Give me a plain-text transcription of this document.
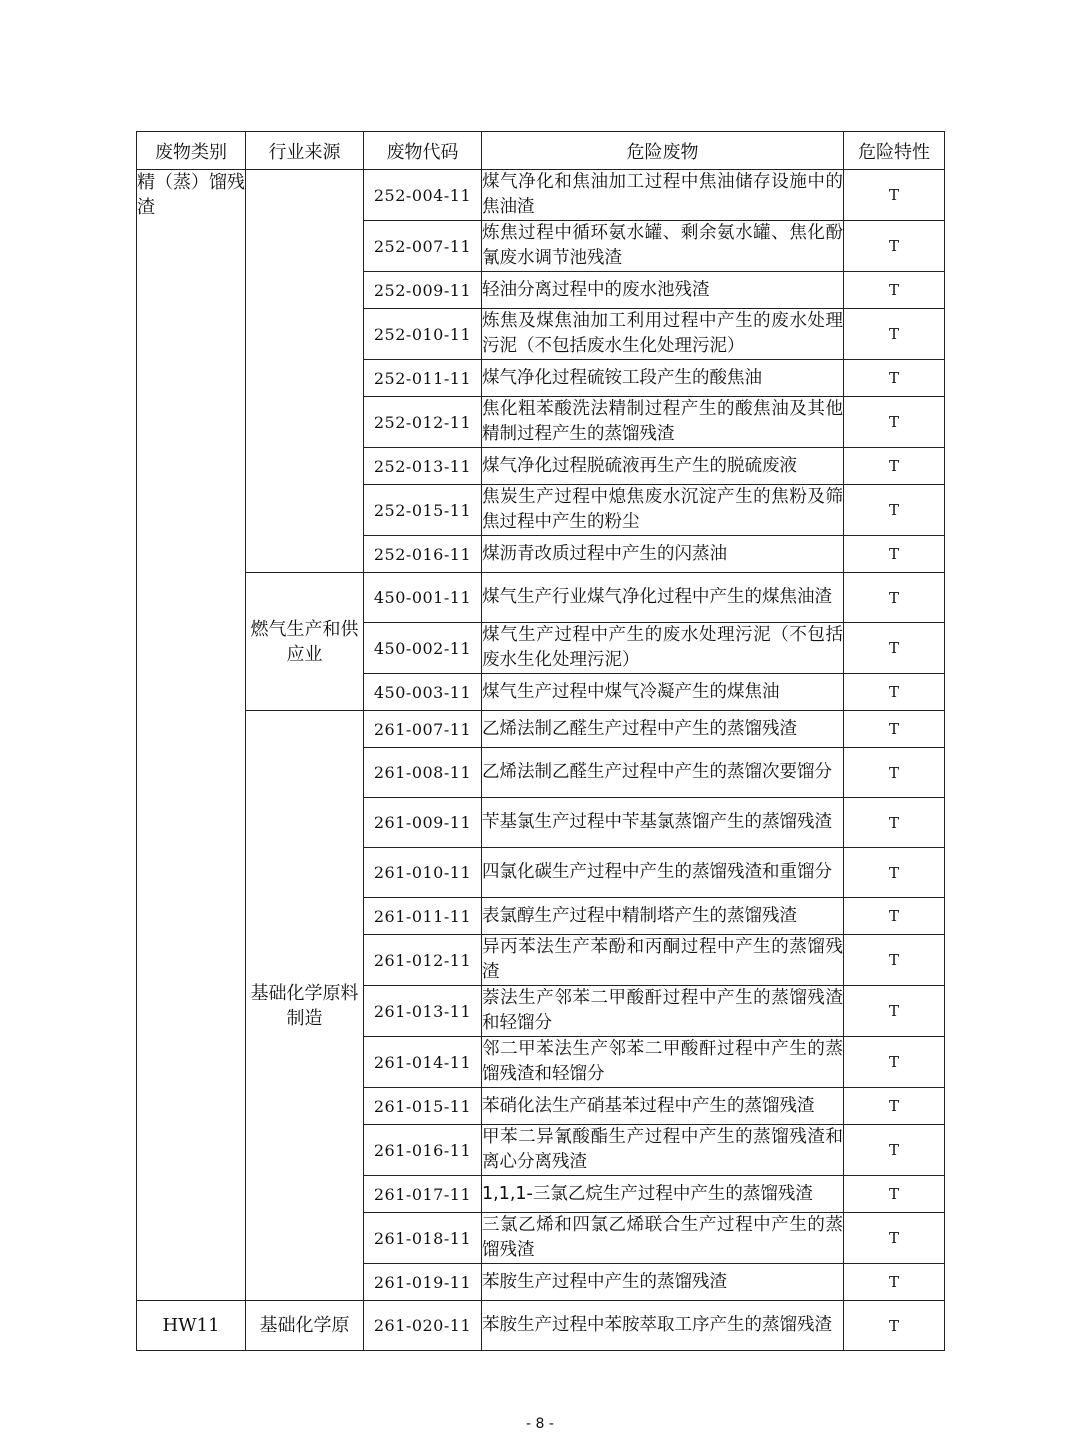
废物类别	行业来源	废物代码	危险废物	危险特性
精（蒸）馏残渣		252-004-11	煤气净化和焦油加工过程中焦油储存设施中的焦油渣	T
		252-007-11	炼焦过程中循环氨水罐、剩余氨水罐、焦化酚氰废水调节池残渣	T
		252-009-11	轻油分离过程中的废水池残渣	T
		252-010-11	炼焦及煤焦油加工利用过程中产生的废水处理污泥（不包括废水生化处理污泥）	T
		252-011-11	煤气净化过程硫铵工段产生的酸焦油	T
		252-012-11	焦化粗苯酸洗法精制过程产生的酸焦油及其他精制过程产生的蒸馏残渣	T
		252-013-11	煤气净化过程脱硫液再生产生的脱硫废液	T
		252-015-11	焦炭生产过程中熄焦废水沉淀产生的焦粉及筛焦过程中产生的粉尘	T
		252-016-11	煤沥青改质过程中产生的闪蒸油	T
	燃气生产和供应业	450-001-11	煤气生产行业煤气净化过程中产生的煤焦油渣	T
		450-002-11	煤气生产过程中产生的废水处理污泥（不包括废水生化处理污泥）	T
		450-003-11	煤气生产过程中煤气冷凝产生的煤焦油	T
	基础化学原料制造	261-007-11	乙烯法制乙醛生产过程中产生的蒸馏残渣	T
		261-008-11	乙烯法制乙醛生产过程中产生的蒸馏次要馏分	T
		261-009-11	苄基氯生产过程中苄基氯蒸馏产生的蒸馏残渣	T
		261-010-11	四氯化碳生产过程中产生的蒸馏残渣和重馏分	T
		261-011-11	表氯醇生产过程中精制塔产生的蒸馏残渣	T
		261-012-11	异丙苯法生产苯酚和丙酮过程中产生的蒸馏残渣	T
		261-013-11	萘法生产邻苯二甲酸酐过程中产生的蒸馏残渣和轻馏分	T
		261-014-11	邻二甲苯法生产邻苯二甲酸酐过程中产生的蒸馏残渣和轻馏分	T
		261-015-11	苯硝化法生产硝基苯过程中产生的蒸馏残渣	T
		261-016-11	甲苯二异氰酸酯生产过程中产生的蒸馏残渣和离心分离残渣	T
		261-017-11	1,1,1-三氯乙烷生产过程中产生的蒸馏残渣	T
		261-018-11	三氯乙烯和四氯乙烯联合生产过程中产生的蒸馏残渣	T
		261-019-11	苯胺生产过程中产生的蒸馏残渣	T
HW11	基础化学原	261-020-11	苯胺生产过程中苯胺萃取工序产生的蒸馏残渣	T
- 8 -
